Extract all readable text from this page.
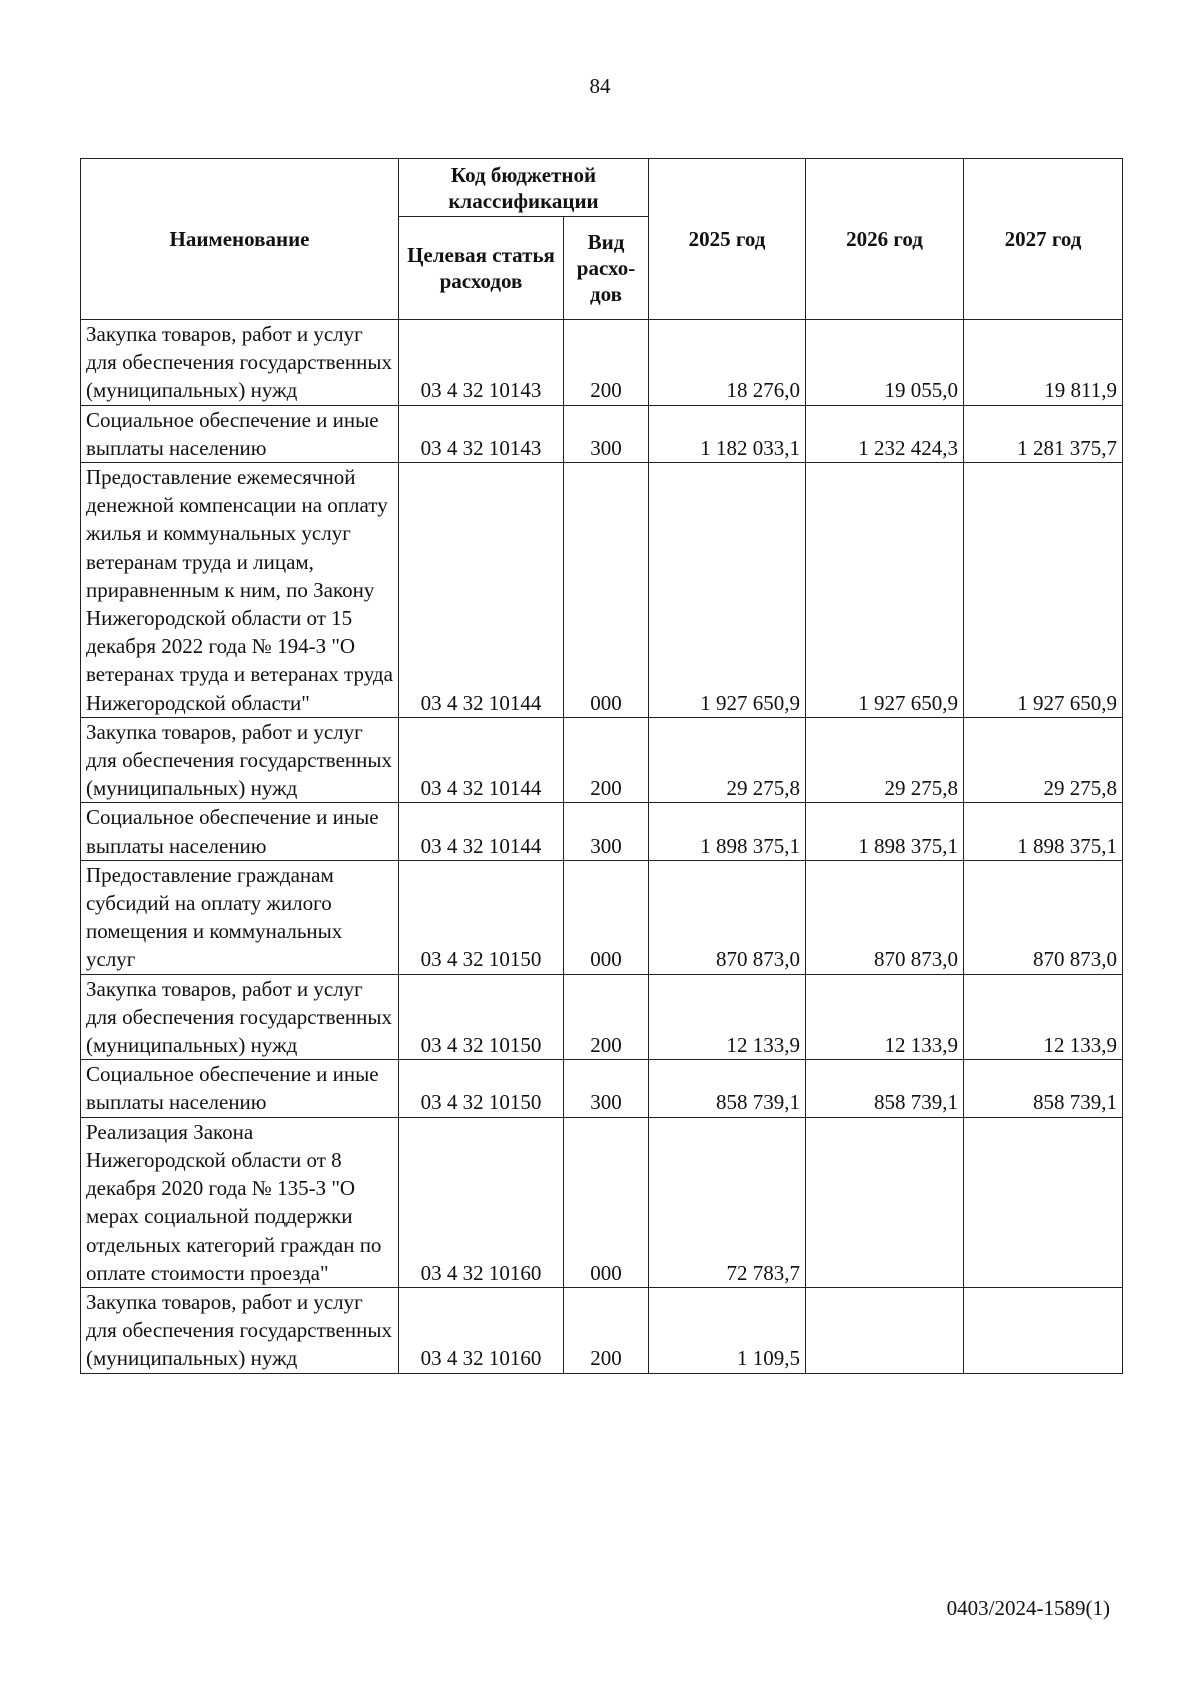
84
Наименование	Код бюджетной классификации		2025 год	2026 год	2027 год
	Целевая статья расходов	Вид расхо-дов			
Закупка товаров, работ и услуг для обеспечения государственных (муниципальных) нужд	03 4 32 10143	200	18 276,0	19 055,0	19 811,9
Социальное обеспечение и иные выплаты населению	03 4 32 10143	300	1 182 033,1	1 232 424,3	1 281 375,7
Предоставление ежемесячной денежной компенсации на оплату жилья и коммунальных услуг ветеранам труда и лицам, приравненным к ним, по Закону Нижегородской области от 15 декабря 2022 года № 194-З "О ветеранах труда и ветеранах труда Нижегородской области"	03 4 32 10144	000	1 927 650,9	1 927 650,9	1 927 650,9
Закупка товаров, работ и услуг для обеспечения государственных (муниципальных) нужд	03 4 32 10144	200	29 275,8	29 275,8	29 275,8
Социальное обеспечение и иные выплаты населению	03 4 32 10144	300	1 898 375,1	1 898 375,1	1 898 375,1
Предоставление гражданам субсидий на оплату жилого помещения и коммунальных услуг	03 4 32 10150	000	870 873,0	870 873,0	870 873,0
Закупка товаров, работ и услуг для обеспечения государственных (муниципальных) нужд	03 4 32 10150	200	12 133,9	12 133,9	12 133,9
Социальное обеспечение и иные выплаты населению	03 4 32 10150	300	858 739,1	858 739,1	858 739,1
Реализация Закона Нижегородской области от 8 декабря 2020 года № 135-З "О мерах социальной поддержки отдельных категорий граждан по оплате стоимости проезда"	03 4 32 10160	000	72 783,7		
Закупка товаров, работ и услуг для обеспечения государственных (муниципальных) нужд	03 4 32 10160	200	1 109,5		
0403/2024-1589(1)
